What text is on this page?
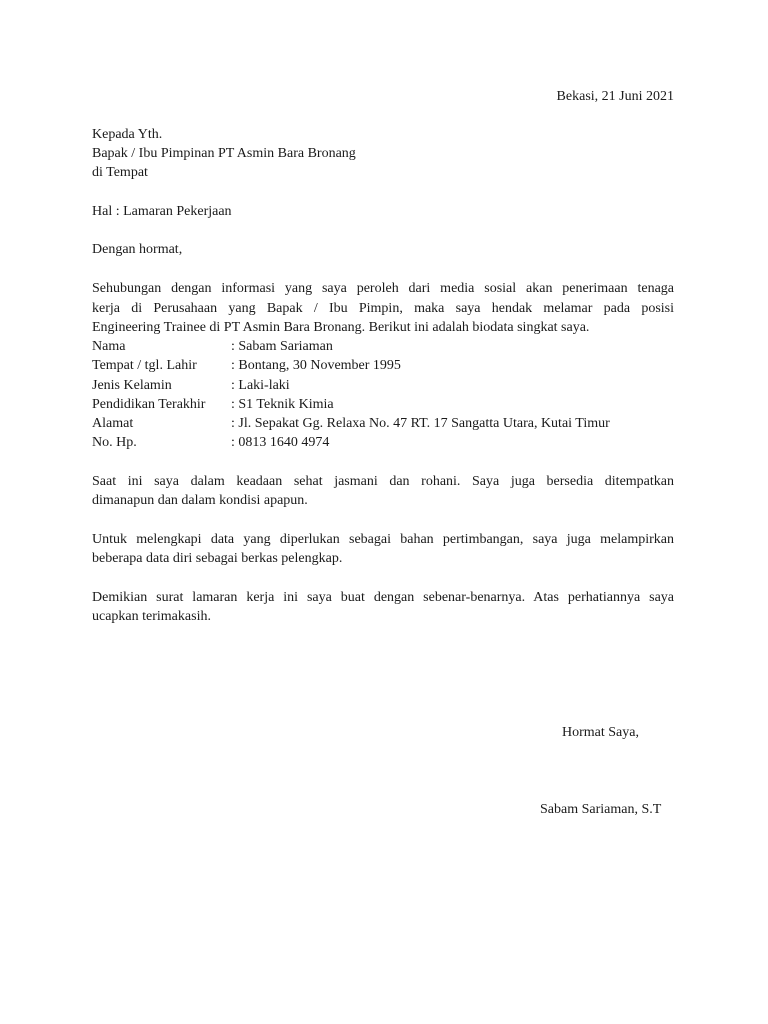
Bekasi, 21 Juni 2021
Kepada Yth.
Bapak / Ibu Pimpinan PT Asmin Bara Bronang
di Tempat
Hal : Lamaran Pekerjaan
Dengan hormat,
Sehubungan dengan informasi yang saya peroleh dari media sosial akan penerimaan tenaga
kerja di Perusahaan yang Bapak / Ibu Pimpin, maka saya hendak melamar pada posisi
Engineering Trainee di PT Asmin Bara Bronang. Berikut ini adalah biodata singkat saya.
Nama	: Sabam Sariaman
Tempat / tgl. Lahir : Bontang, 30 November 1995
Jenis Kelamin	: Laki-laki
Pendidikan Terakhir : S1 Teknik Kimia
Alamat	: Jl. Sepakat Gg. Relaxa No. 47 RT. 17 Sangatta Utara, Kutai Timur
No. Hp.	: 0813 1640 4974
Saat ini saya dalam keadaan sehat jasmani dan rohani. Saya juga bersedia ditempatkan
dimanapun dan dalam kondisi apapun.
Untuk melengkapi data yang diperlukan sebagai bahan pertimbangan, saya juga melampirkan
beberapa data diri sebagai berkas pelengkap.
Demikian surat lamaran kerja ini saya buat dengan sebenar-benarnya. Atas perhatiannya saya
ucapkan terimakasih.
Hormat Saya,
Sabam Sariaman, S.T
